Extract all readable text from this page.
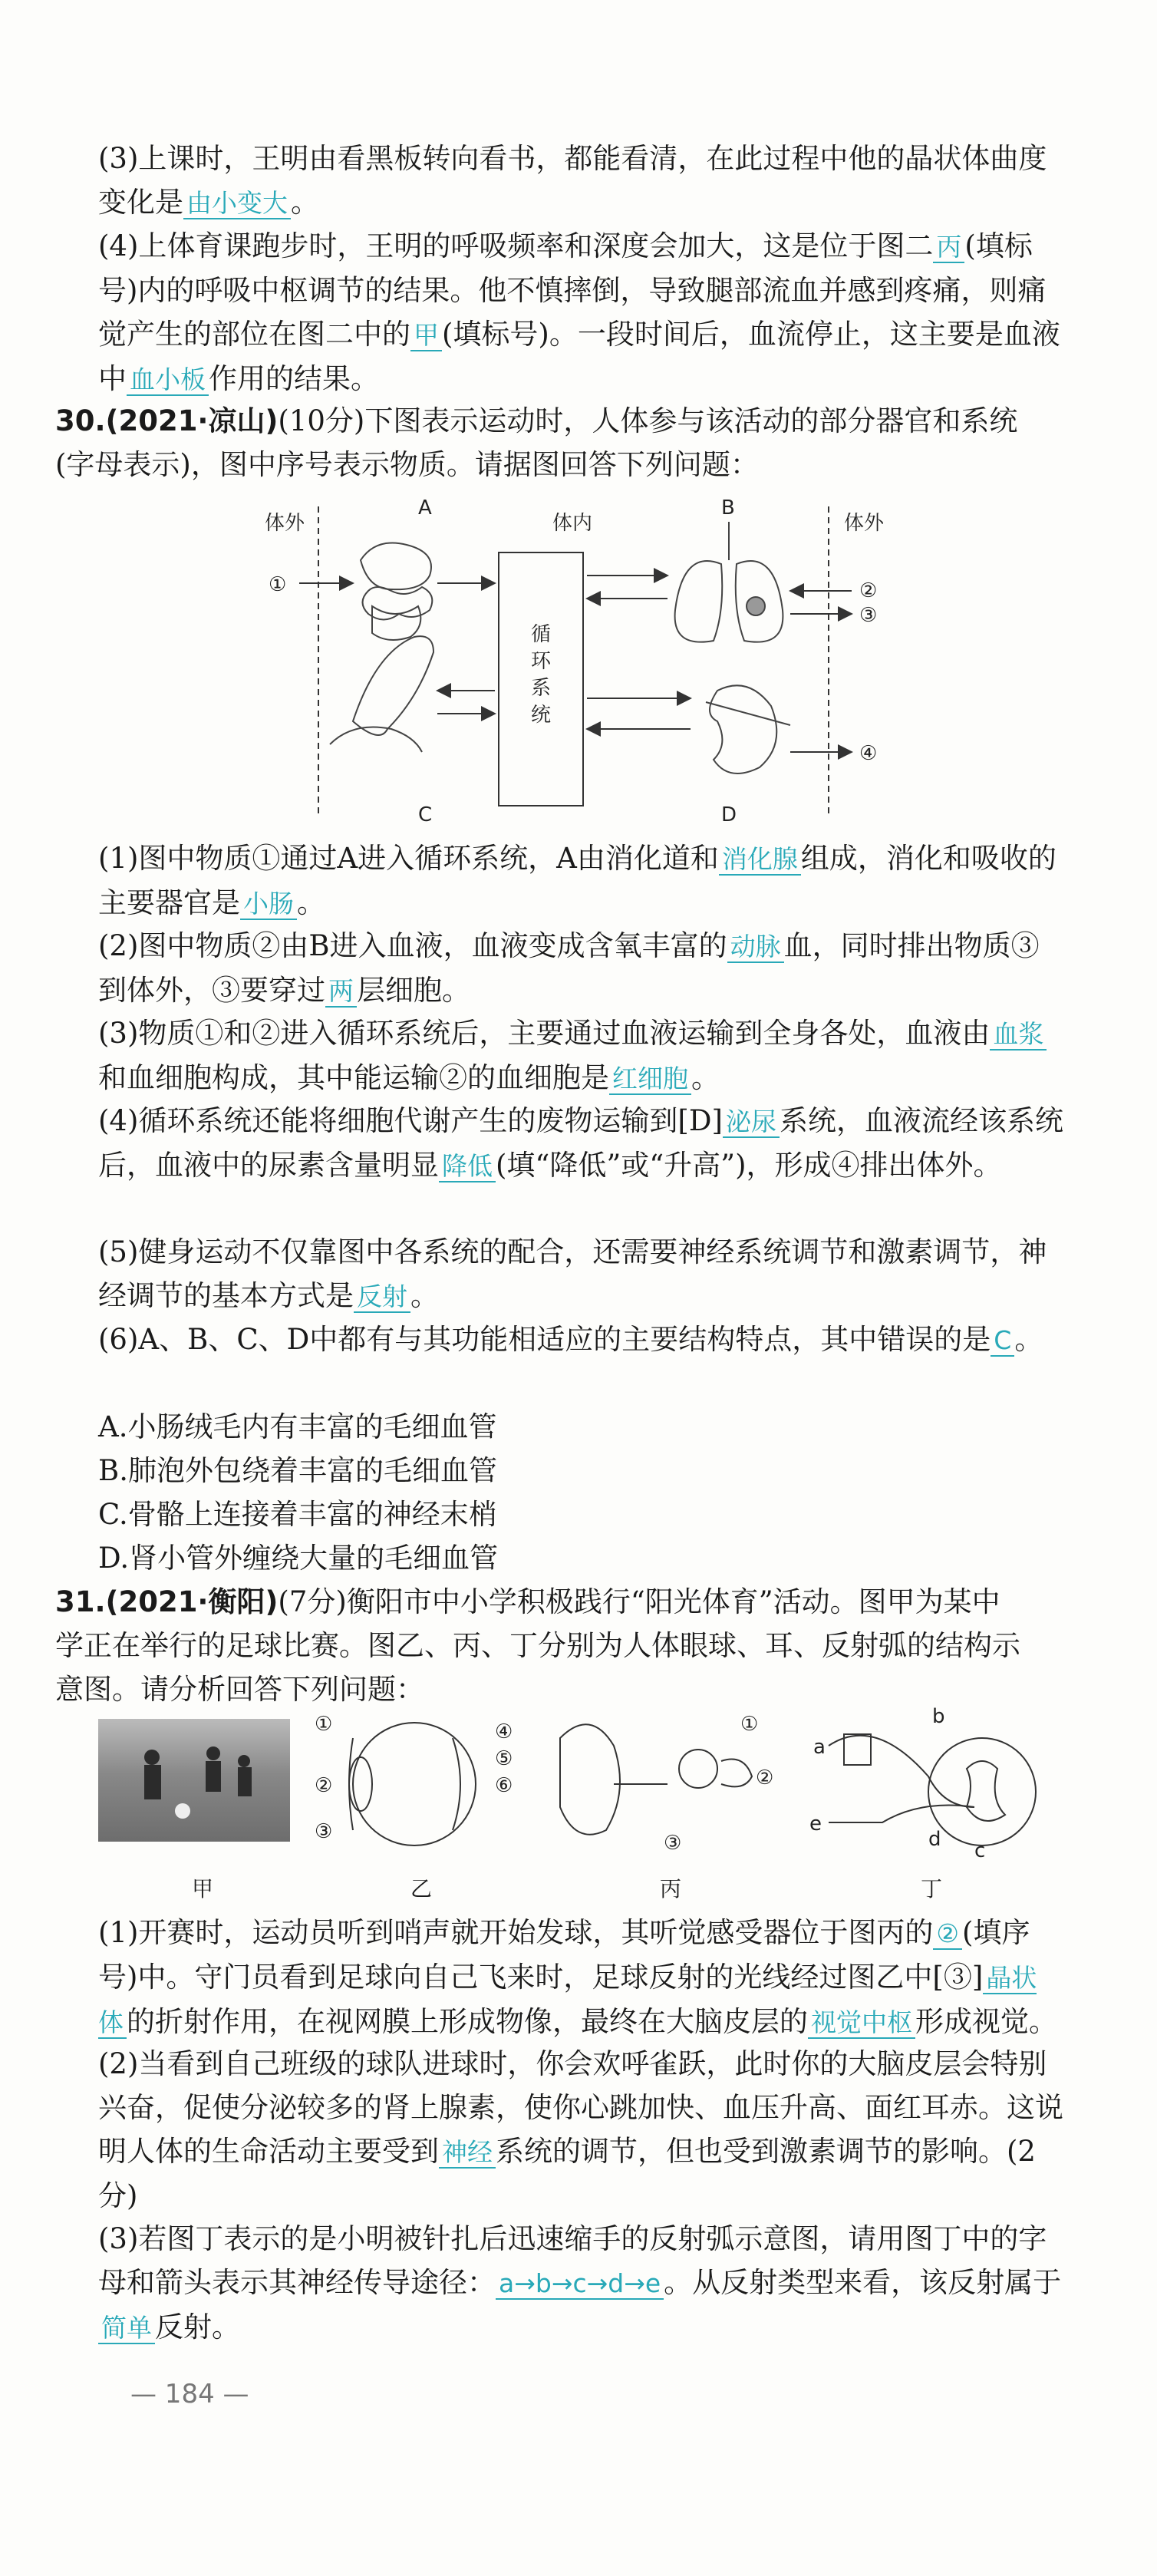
(3)上课时，王明由看黑板转向看书，都能看清，在此过程中他的晶状体曲度变化是 由小变大 。

(4)上体育课跑步时，王明的呼吸频率和深度会加大，这是位于图二 丙 (填标号)内的呼吸中枢调节的结果。他不慎摔倒，导致腿部流血并感到疼痛，则痛觉产生的部位在图二中的 甲 (填标号)。一段时间后，血流停止，这主要是血液中 血小板 作用的结果。

30.(2021·凉山)(10分)下图表示运动时，人体参与该活动的部分器官和系统(字母表示)，图中序号表示物质。请据图回答下列问题：

体外	体内	体外
A	B
C	D
循
环
系
统
①	②
③
④

(1)图中物质①通过A进入循环系统，A由消化道和 消化腺 组成，消化和吸收的主要器官是 小肠 。

(2)图中物质②由B进入血液，血液变成含氧丰富的 动脉 血，同时排出物质③到体外，③要穿过 两 层细胞。

(3)物质①和②进入循环系统后，主要通过血液运输到全身各处，血液由 血浆和血细胞构成，其中能运输②的血细胞是 红细胞 。

(4)循环系统还能将细胞代谢产生的废物运输到[D] 泌尿 系统，血液流经该系统后，血液中的尿素含量明显 降低 (填“降低”或“升高”)，形成④排出体外。

(5)健身运动不仅靠图中各系统的配合，还需要神经系统调节和激素调节，神经调节的基本方式是 反射 。

(6)A、B、C、D中都有与其功能相适应的主要结构特点，其中错误的是 C 。

A.小肠绒毛内有丰富的毛细血管

B.肺泡外包绕着丰富的毛细血管

C.骨骼上连接着丰富的神经末梢

D.肾小管外缠绕大量的毛细血管

31.(2021·衡阳)(7分)衡阳市中小学积极践行“阳光体育”活动。图甲为某中学正在举行的足球比赛。图乙、丙、丁分别为人体眼球、耳、反射弧的结构示意图。请分析回答下列问题：

①
②
③
④
⑤
⑥
①
②
③
a
b
c
d
e
甲	乙	丙	丁

(1)开赛时，运动员听到哨声就开始发球，其听觉感受器位于图丙的 ② (填序号)中。守门员看到足球向自己飞来时，足球反射的光线经过图乙中[③] 晶状体 的折射作用，在视网膜上形成物像，最终在大脑皮层的 视觉中枢 形成视觉。

(2)当看到自己班级的球队进球时，你会欢呼雀跃，此时你的大脑皮层会特别兴奋，促使分泌较多的肾上腺素，使你心跳加快、血压升高、面红耳赤。这说明人体的生命活动主要受到 神经 系统的调节，但也受到激素调节的影响。(2分)

(3)若图丁表示的是小明被针扎后迅速缩手的反射弧示意图，请用图丁中的字母和箭头表示其神经传导途径： a→b→c→d→e 。从反射类型来看，该反射属于简单 反射。

— 184 —
